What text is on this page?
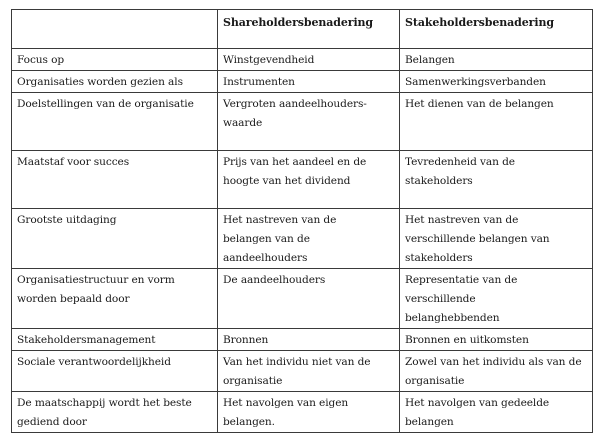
	Shareholdersbenadering	Stakeholdersbenadering
Focus op	Winstgevendheid	Belangen
Organisaties worden gezien als	Instrumenten	Samenwerkingsverbanden
Doelstellingen van de organisatie	Vergroten aandeelhouders-waarde	Het dienen van de belangen
Maatstaf voor succes	Prijs van het aandeel en de hoogte van het dividend	Tevredenheid van de stakeholders
Grootste uitdaging	Het nastreven van de belangen van de aandeelhouders	Het nastreven van de verschillende belangen van stakeholders
Organisatiestructuur en vorm worden bepaald door	De aandeelhouders	Representatie van de verschillende belanghebbenden
Stakeholdersmanagement	Bronnen	Bronnen en uitkomsten
Sociale verantwoordelijkheid	Van het individu niet van de organisatie	Zowel van het individu als van de organisatie
De maatschappij wordt het beste gediend door	Het navolgen van eigen belangen.	Het navolgen van gedeelde belangen
